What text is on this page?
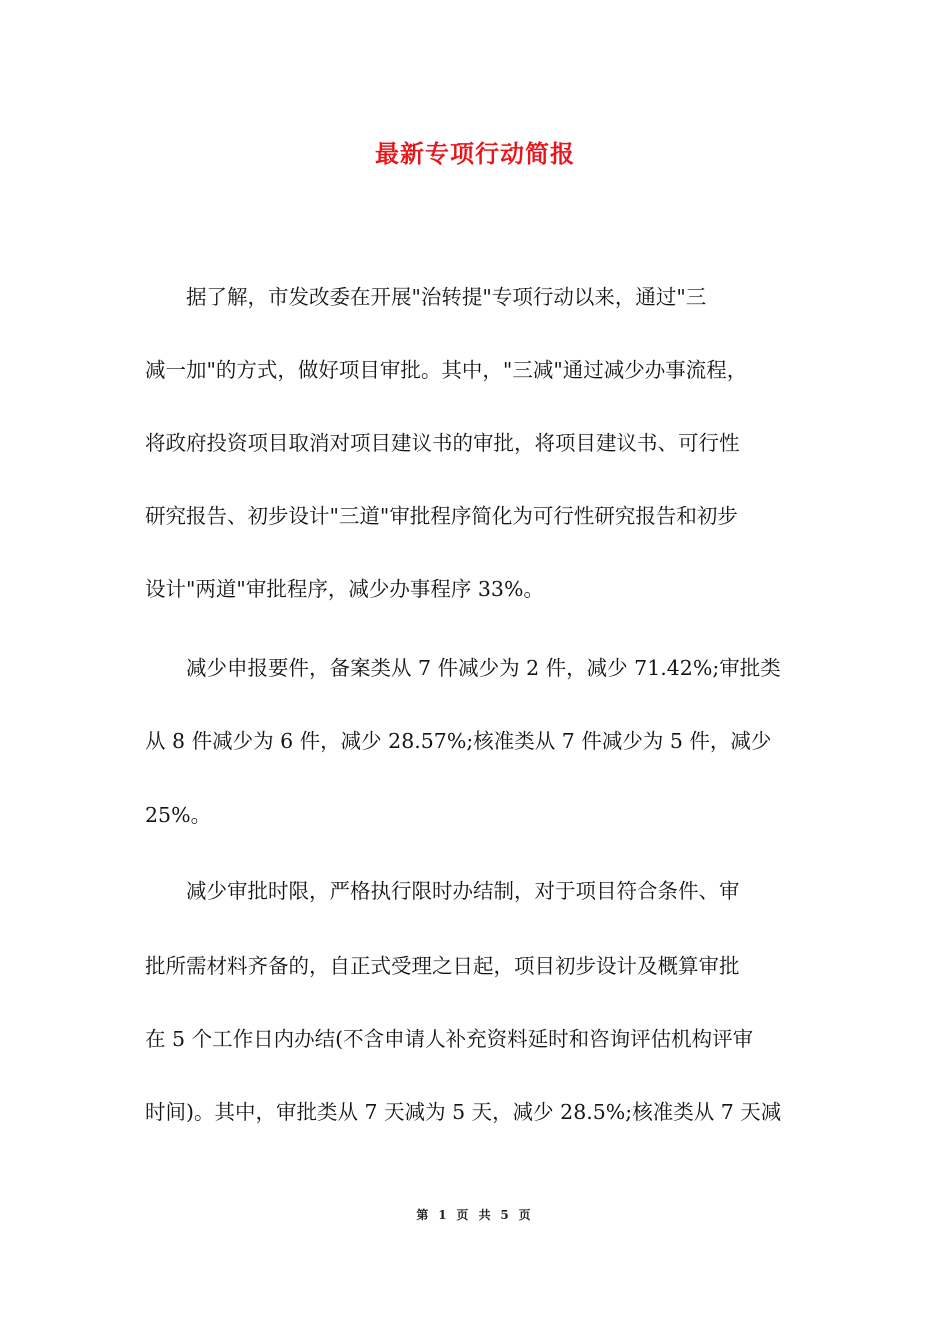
最新专项行动简报
　　据了解，市发改委在开展"治转提"专项行动以来，通过"三
减一加"的方式，做好项目审批。其中，"三减"通过减少办事流程，
将政府投资项目取消对项目建议书的审批，将项目建议书、可行性
研究报告、初步设计"三道"审批程序简化为可行性研究报告和初步
设计"两道"审批程序，减少办事程序 33%。
　　减少申报要件，备案类从 7 件减少为 2 件，减少 71.42%;审批类
从 8 件减少为 6 件，减少 28.57%;核准类从 7 件减少为 5 件，减少
25%。
　　减少审批时限，严格执行限时办结制，对于项目符合条件、审
批所需材料齐备的，自正式受理之日起，项目初步设计及概算审批
在 5 个工作日内办结(不含申请人补充资料延时和咨询评估机构评审
时间)。其中，审批类从 7 天减为 5 天，减少 28.5%;核准类从 7 天减
第 1 页 共 5 页
